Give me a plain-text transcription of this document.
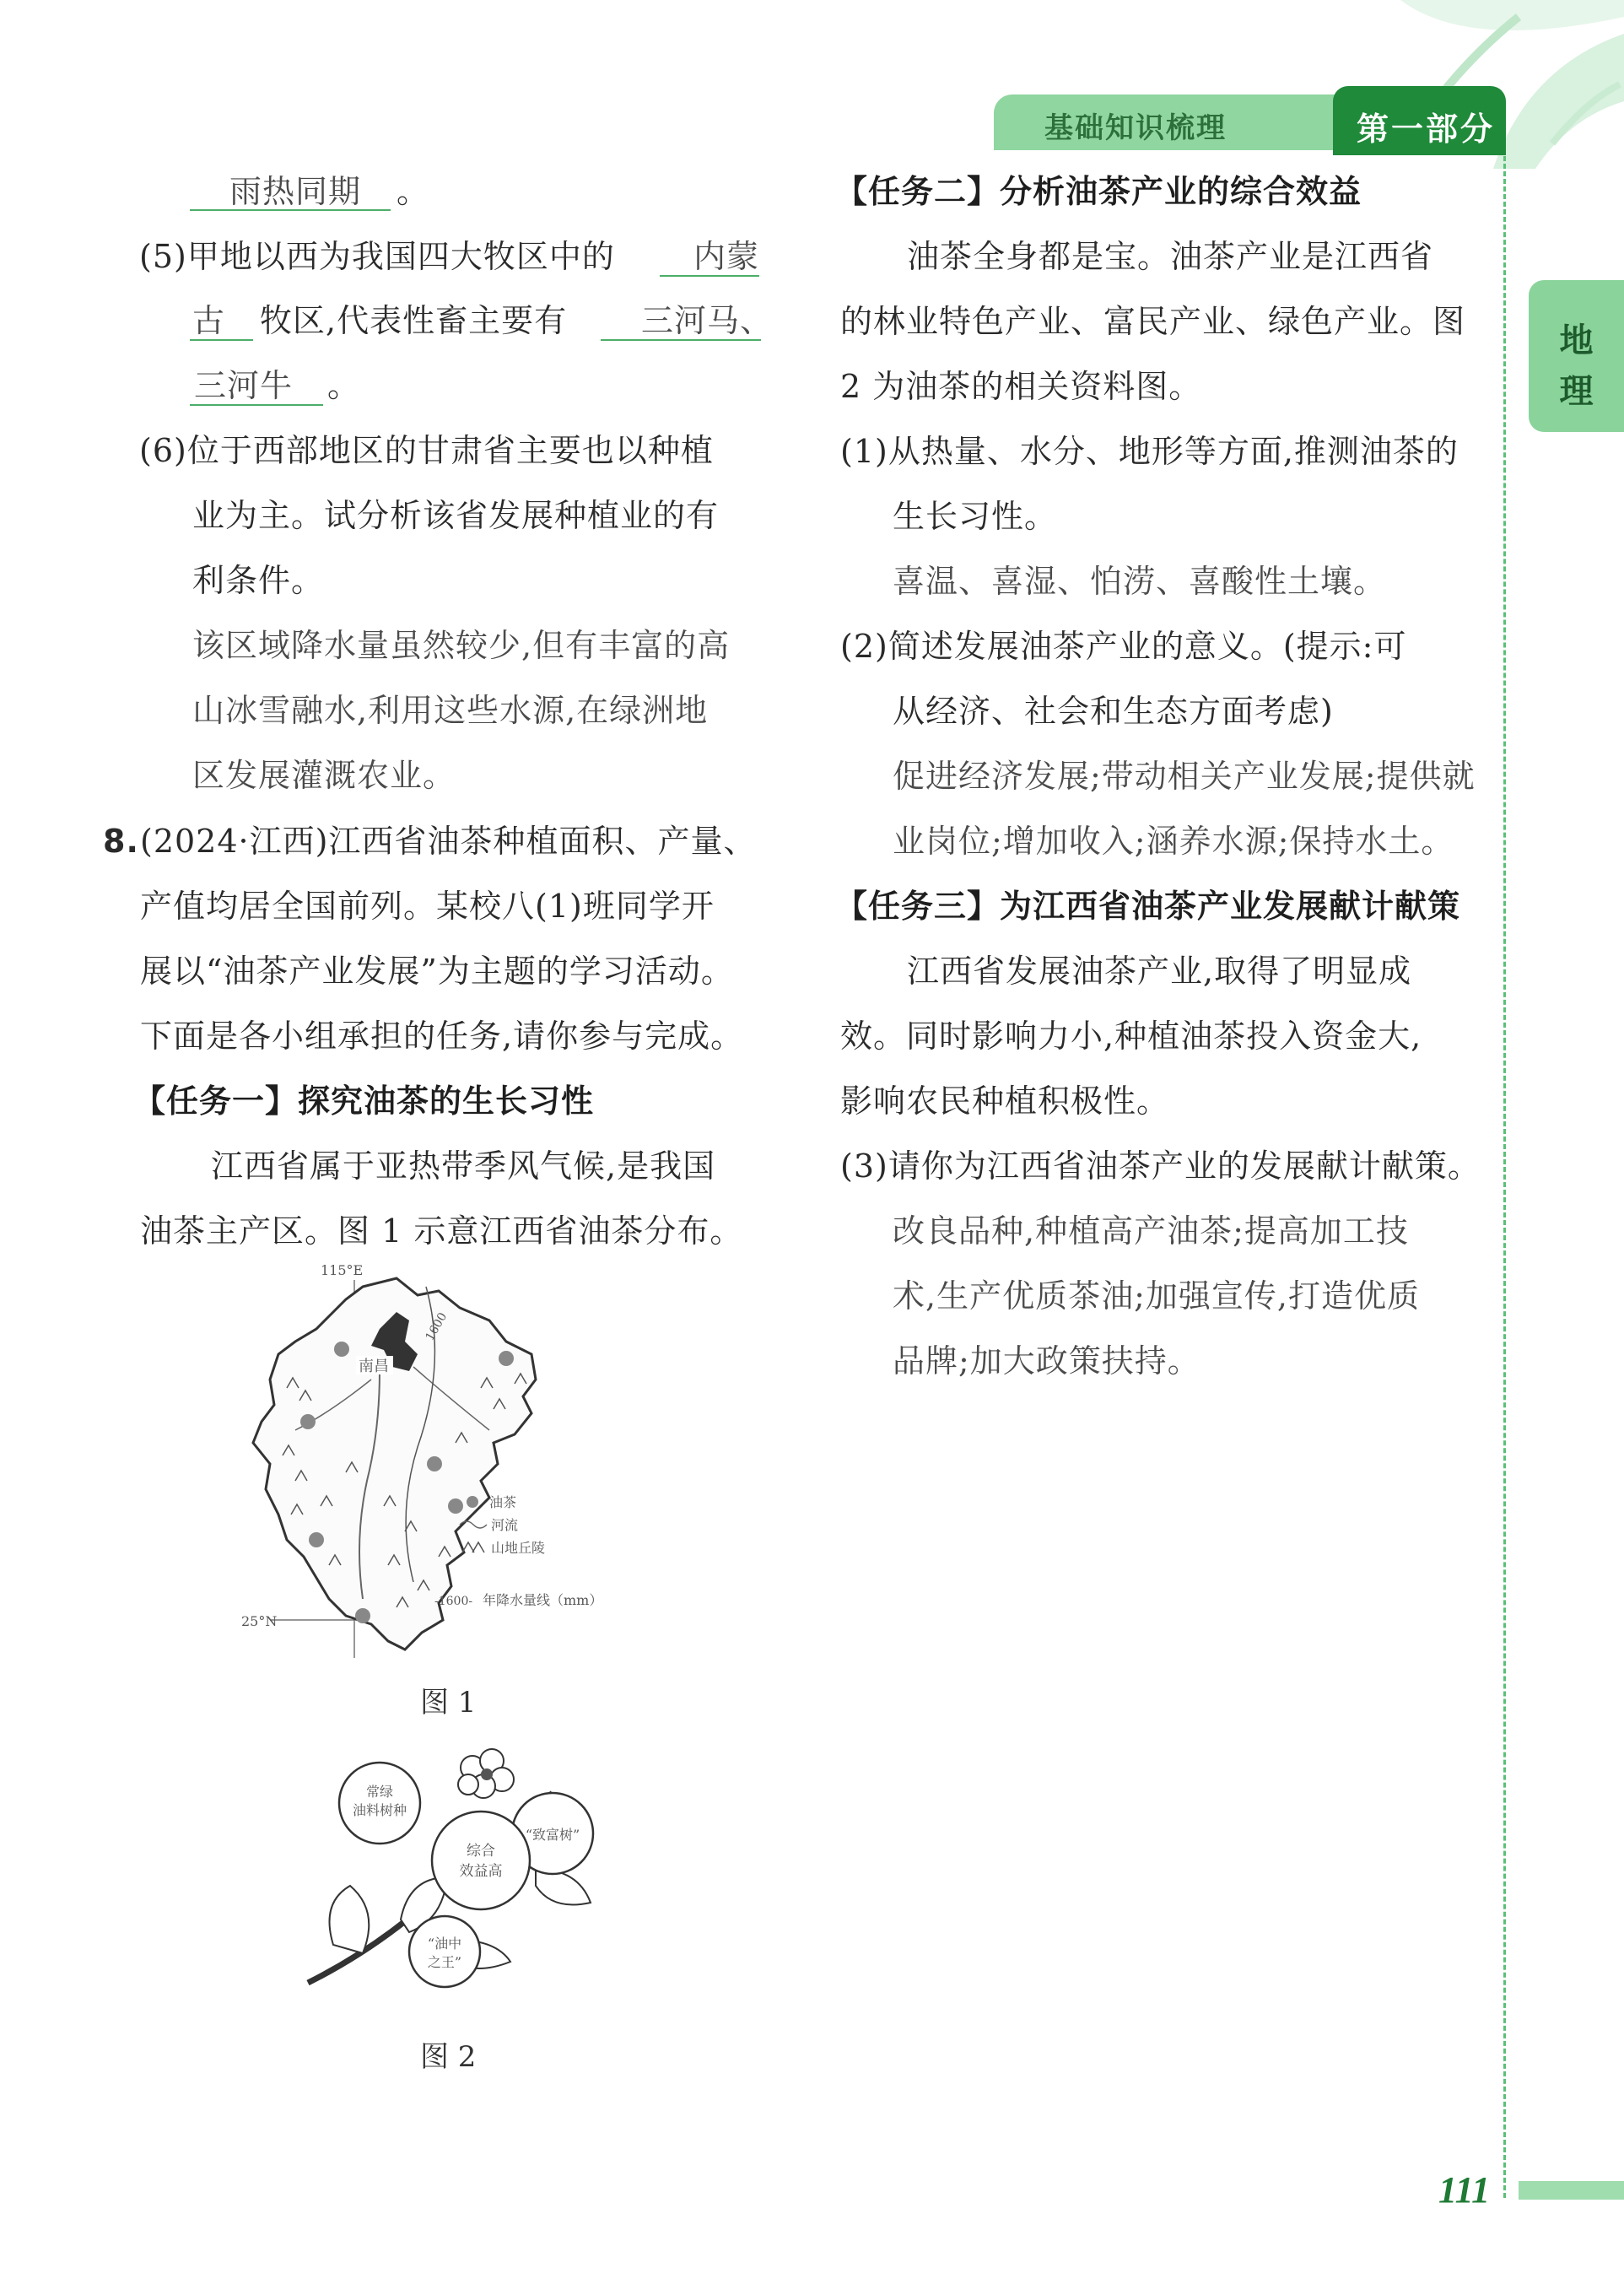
基础知识梳理	第一部分
地
理
雨热同期 。
(5)甲地以西为我国四大牧区中的 内蒙
古 牧区,代表性畜主要有 三河马、
三河牛 。
(6)位于西部地区的甘肃省主要也以种植
业为主。试分析该省发展种植业的有
利条件。
该区域降水量虽然较少,但有丰富的高
山冰雪融水,利用这些水源,在绿洲地
区发展灌溉农业。
8. (2024·江西)江西省油茶种植面积、产量、
产值均居全国前列。某校八(1)班同学开
展以“油茶产业发展”为主题的学习活动。
下面是各小组承担的任务,请你参与完成。
【任务一】探究油茶的生长习性
江西省属于亚热带季风气候,是我国
油茶主产区。图 1 示意江西省油茶分布。
115°E
25°N
1600
南昌
油茶
河流
山地丘陵
-1600- 年降水量线（mm）
图 1
常绿
油料树种
“致富树”
综合
效益高
“油中
之王”
图 2
【任务二】分析油茶产业的综合效益
油茶全身都是宝。油茶产业是江西省
的林业特色产业、富民产业、绿色产业。图
2 为油茶的相关资料图。
(1)从热量、水分、地形等方面,推测油茶的
生长习性。
喜温、喜湿、怕涝、喜酸性土壤。
(2)简述发展油茶产业的意义。(提示:可
从经济、社会和生态方面考虑)
促进经济发展;带动相关产业发展;提供就
业岗位;增加收入;涵养水源;保持水土。
【任务三】为江西省油茶产业发展献计献策
江西省发展油茶产业,取得了明显成
效。同时影响力小,种植油茶投入资金大,
影响农民种植积极性。
(3)请你为江西省油茶产业的发展献计献策。
改良品种,种植高产油茶;提高加工技
术,生产优质茶油;加强宣传,打造优质
品牌;加大政策扶持。
111
